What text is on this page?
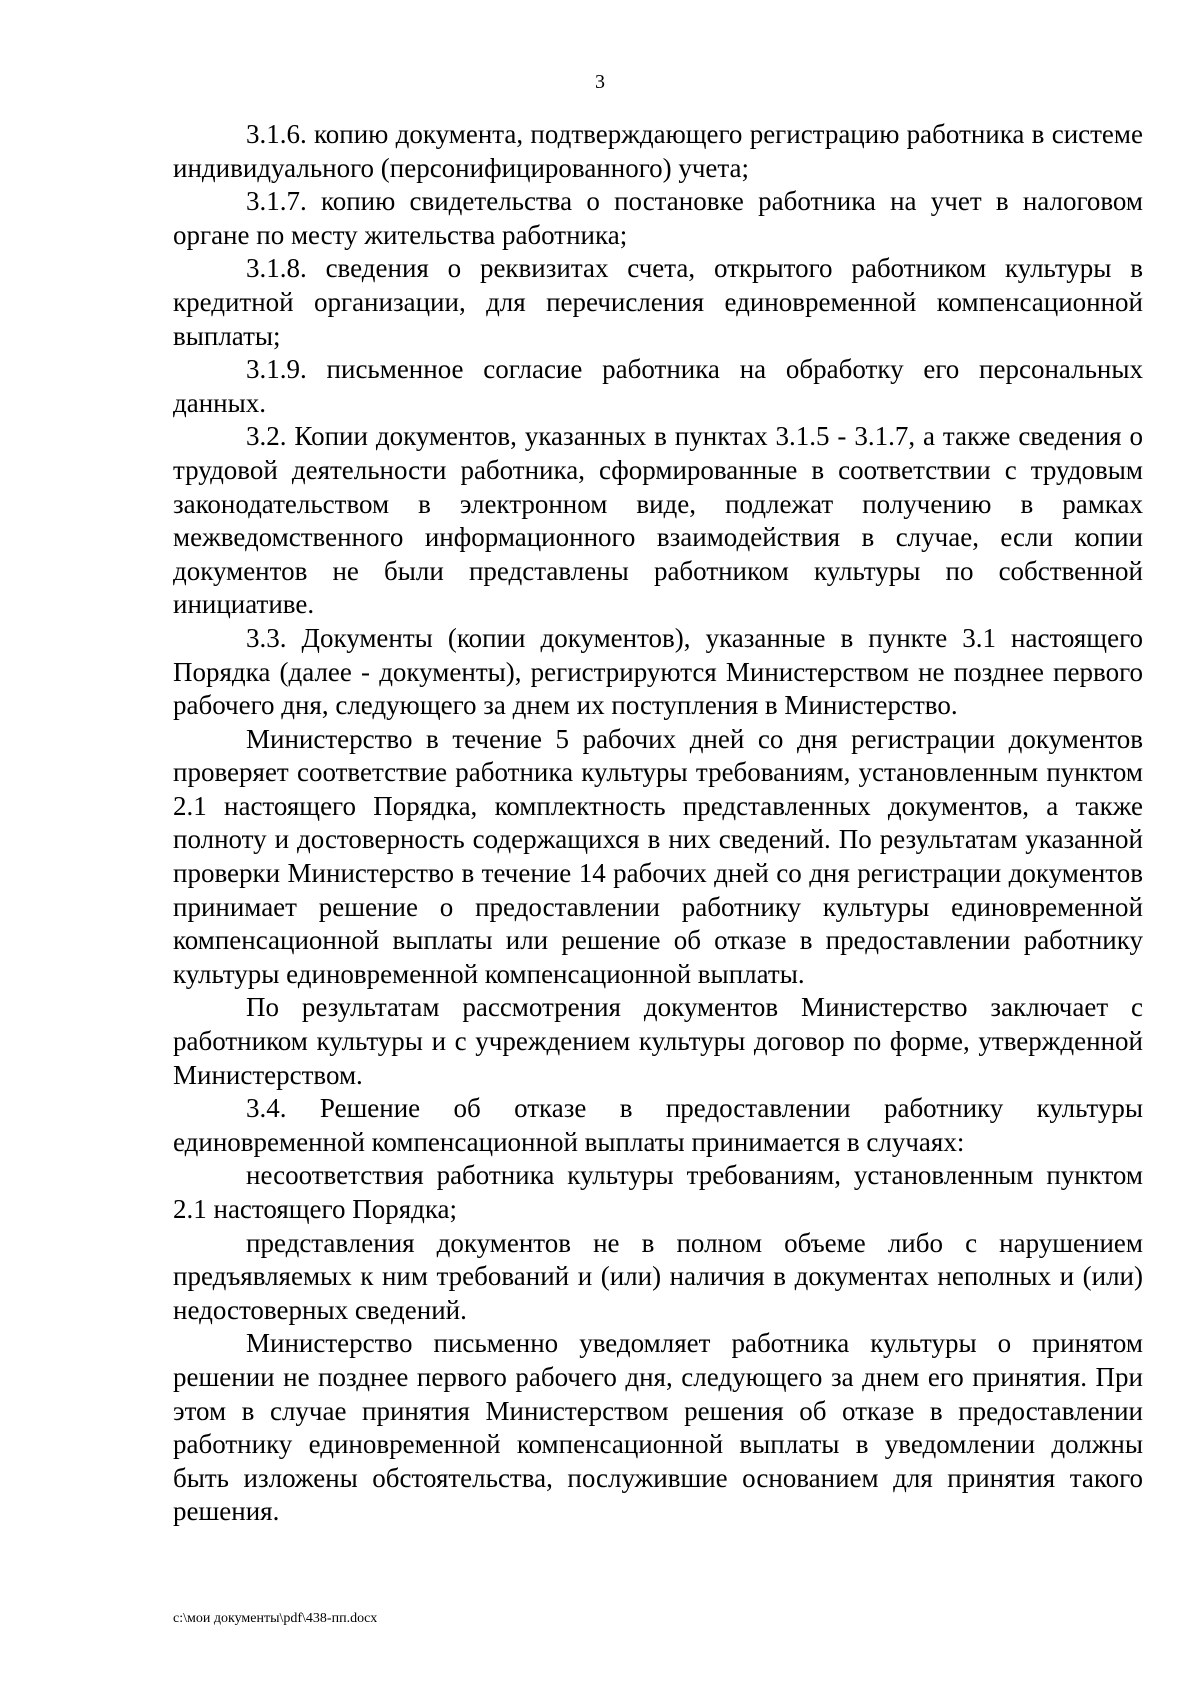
3

3.1.6. копию документа, подтверждающего регистрацию работника в системе индивидуального (персонифицированного) учета;

3.1.7. копию свидетельства о постановке работника на учет в налоговом органе по месту жительства работника;

3.1.8. сведения о реквизитах счета, открытого работником культуры в кредитной организации, для перечисления единовременной компенсационной выплаты;

3.1.9. письменное согласие работника на обработку его персональных данных.

3.2. Копии документов, указанных в пунктах 3.1.5 - 3.1.7, а также сведения о трудовой деятельности работника, сформированные в соответствии с трудовым законодательством в электронном виде, подлежат получению в рамках межведомственного информационного взаимодействия в случае, если копии документов не были представлены работником культуры по собственной инициативе.

3.3. Документы (копии документов), указанные в пункте 3.1 настоящего Порядка (далее - документы), регистрируются Министерством не позднее первого рабочего дня, следующего за днем их поступления в Министерство.

Министерство в течение 5 рабочих дней со дня регистрации документов проверяет соответствие работника культуры требованиям, установленным пунктом 2.1 настоящего Порядка, комплектность представленных документов, а также полноту и достоверность содержащихся в них сведений. По результатам указанной проверки Министерство в течение 14 рабочих дней со дня регистрации документов принимает решение о предоставлении работнику культуры единовременной компенсационной выплаты или решение об отказе в предоставлении работнику культуры единовременной компенсационной выплаты.

По результатам рассмотрения документов Министерство заключает с работником культуры и с учреждением культуры договор по форме, утвержденной Министерством.

3.4. Решение об отказе в предоставлении работнику культуры единовременной компенсационной выплаты принимается в случаях:

несоответствия работника культуры требованиям, установленным пунктом 2.1 настоящего Порядка;

представления документов не в полном объеме либо с нарушением предъявляемых к ним требований и (или) наличия в документах неполных и (или) недостоверных сведений.

Министерство письменно уведомляет работника культуры о принятом решении не позднее первого рабочего дня, следующего за днем его принятия. При этом в случае принятия Министерством решения об отказе в предоставлении работнику единовременной компенсационной выплаты в уведомлении должны быть изложены обстоятельства, послужившие основанием для принятия такого решения.

c:\мои документы\pdf\438-пп.docx
